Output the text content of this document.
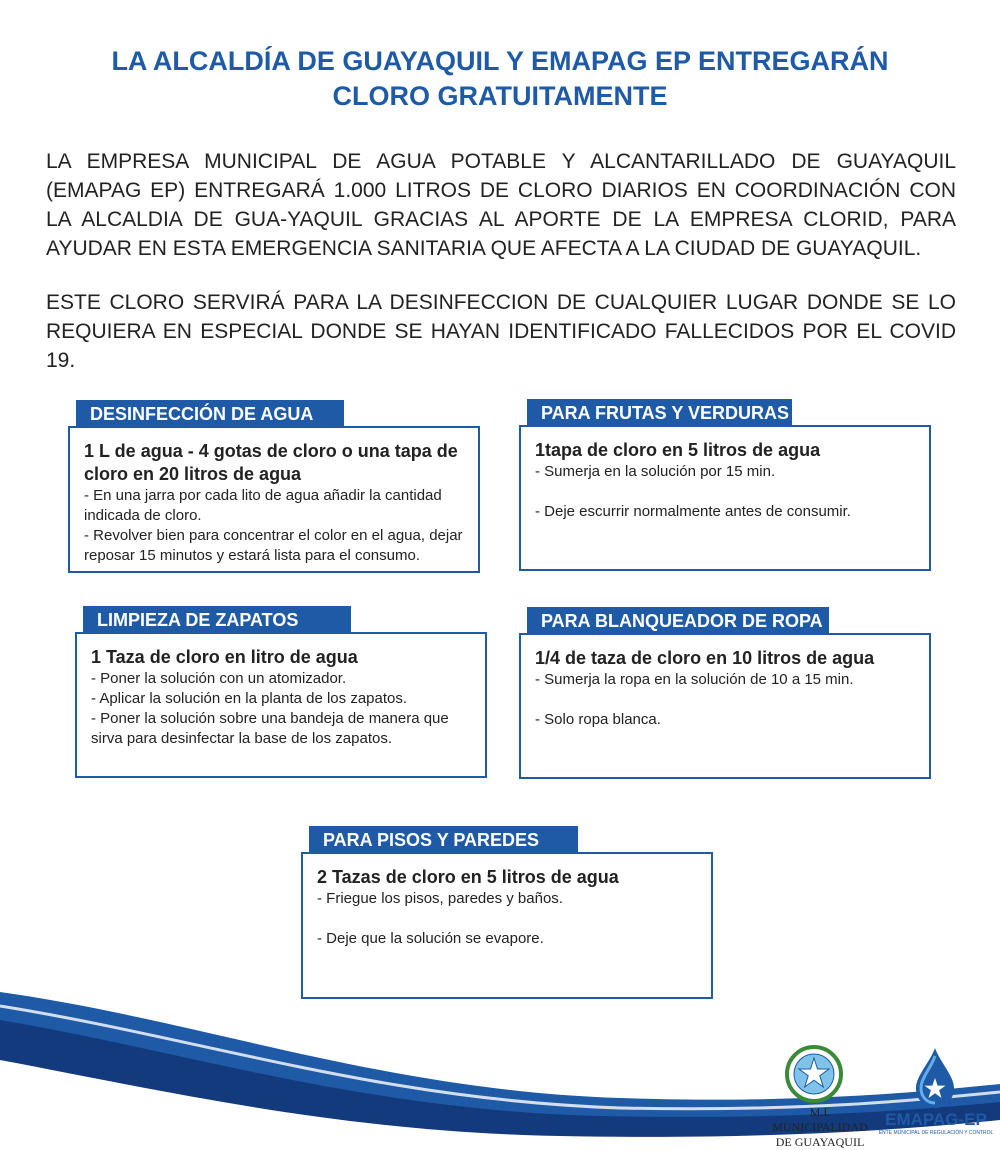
LA ALCALDÍA DE GUAYAQUIL Y EMAPAG EP ENTREGARÁN
CLORO GRATUITAMENTE

LA EMPRESA MUNICIPAL DE AGUA POTABLE Y ALCANTARILLADO DE GUAYAQUIL (EMAPAG EP) ENTREGARÁ 1.000 LITROS DE CLORO DIARIOS EN COORDINACIÓN CON LA ALCALDIA DE GUA-YAQUIL GRACIAS AL APORTE DE LA EMPRESA CLORID, PARA AYUDAR EN ESTA EMERGENCIA SANITARIA QUE AFECTA A LA CIUDAD DE GUAYAQUIL.

ESTE CLORO SERVIRÁ PARA LA DESINFECCION DE CUALQUIER LUGAR DONDE SE LO REQUIERA EN ESPECIAL DONDE SE HAYAN IDENTIFICADO FALLECIDOS POR EL COVID 19.

1 L de agua - 4 gotas de cloro o una tapa de cloro en 20 litros de agua

- En una jarra por cada lito de agua añadir la cantidad indicada de cloro.

- Revolver bien para concentrar el color en el agua, dejar reposar 15 minutos y estará lista para el consumo.

DESINFECCIÓN DE AGUA

1tapa de cloro en 5 litros de agua

- Sumerja en la solución por 15 min.

- Deje escurrir normalmente antes de consumir.

PARA FRUTAS Y VERDURAS

1 Taza de cloro en litro de agua

- Poner la solución con un atomizador.

- Aplicar la solución en la planta de los zapatos.

- Poner la solución sobre una bandeja de manera que sirva para desinfectar la base de los zapatos.

LIMPIEZA DE ZAPATOS

1/4 de taza de cloro en 10 litros de agua

- Sumerja la ropa en la solución de 10 a 15 min.

- Solo ropa blanca.

PARA BLANQUEADOR DE ROPA

2 Tazas de cloro en 5 litros de agua

- Friegue los pisos, paredes y baños.

- Deje que la solución se evapore.

PARA PISOS Y PAREDES

M.I. MUNICIPALIDAD
DE GUAYAQUIL

EMAPAG-EP

ENTE MUNICIPAL DE REGULACIÓN Y CONTROL
